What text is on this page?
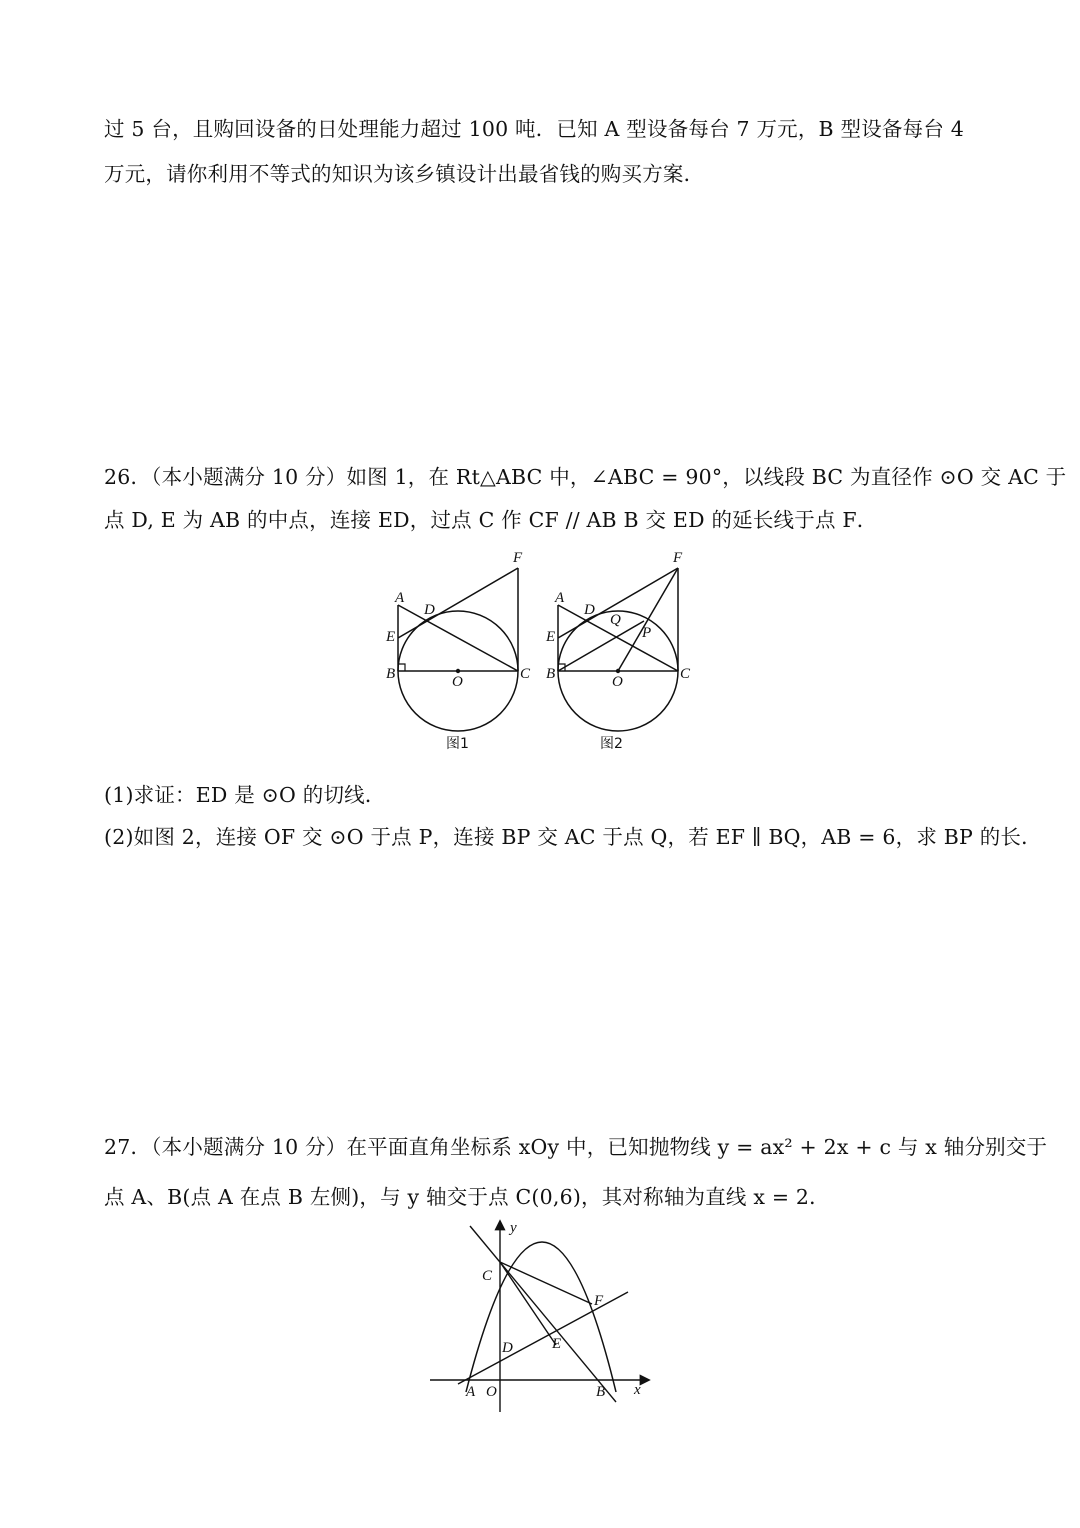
过 5 台，且购回设备的日处理能力超过 100 吨．已知 A 型设备每台 7 万元，B 型设备每台 4
万元，请你利用不等式的知识为该乡镇设计出最省钱的购买方案．
26．（本小题满分 10 分）如图 1，在 Rt△ABC 中，∠ABC = 90°，以线段 BC 为直径作 ⊙O 交 AC 于
点 D, E 为 AB 的中点，连接 ED，过点 C 作 CF // AB B 交 ED 的延长线于点 F．
A
D
E
F
B	O	C
图1
A
D
E
Q
P
F
B	O	C
图2
(1)求证：ED 是 ⊙O 的切线．
(2)如图 2，连接 OF 交 ⊙O 于点 P，连接 BP 交 AC 于点 Q，若 EF ∥ BQ，AB = 6，求 BP 的长．
27．（本小题满分 10 分）在平面直角坐标系 xOy 中，已知抛物线 y = ax² + 2x + c 与 x 轴分别交于
点 A、B(点 A 在点 B 左侧)，与 y 轴交于点 C(0,6)，其对称轴为直线 x = 2．
y
x
C
F
D	E
A O	B
